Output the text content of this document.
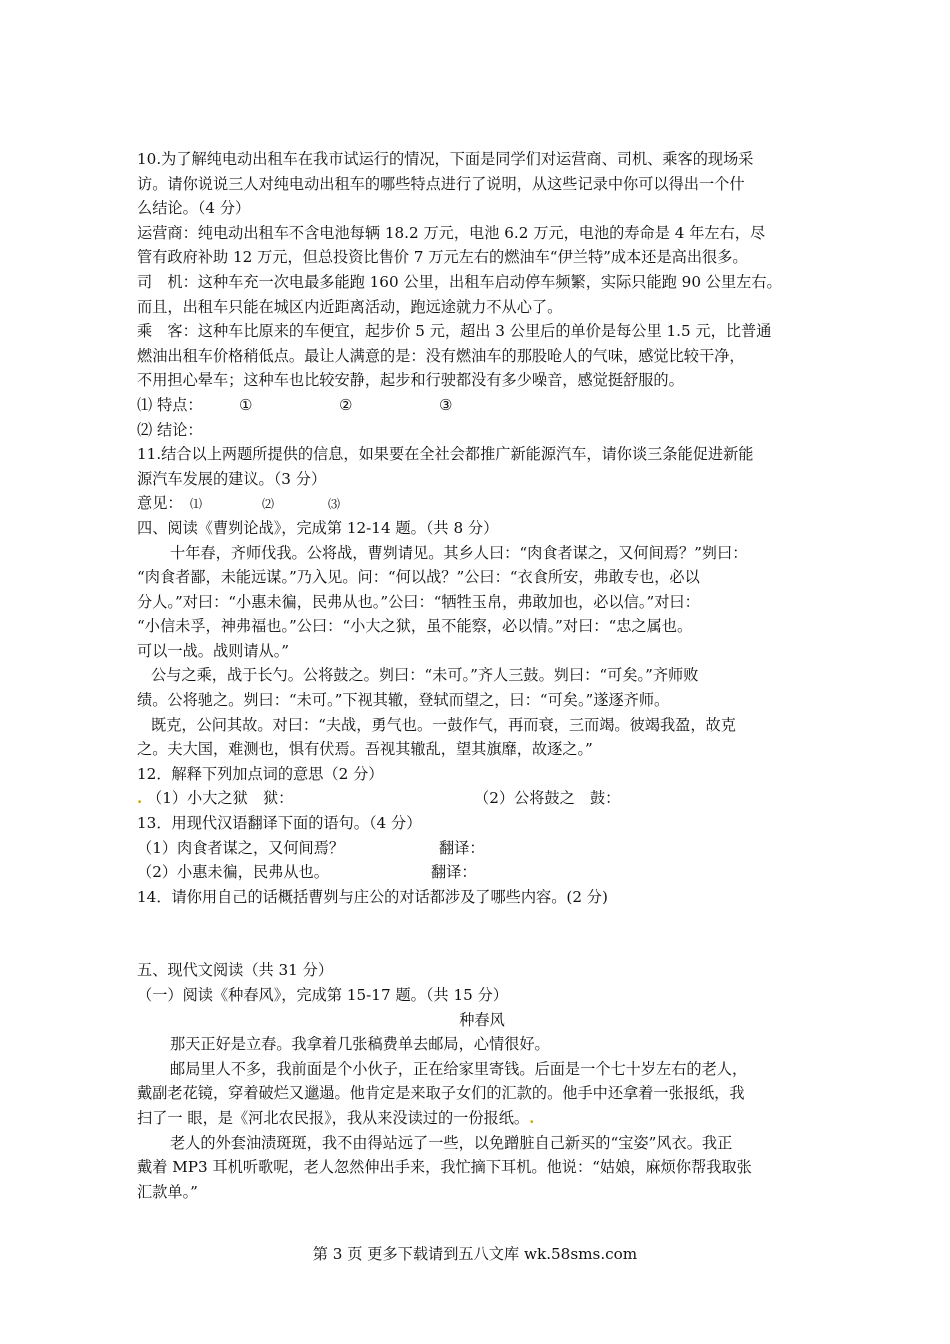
10.为了解纯电动出租车在我市试运行的情况，下面是同学们对运营商、司机、乘客的现场采
访。请你说说三人对纯电动出租车的哪些特点进行了说明，从这些记录中你可以得出一个什
么结论。（4 分）
运营商：纯电动出租车不含电池每辆 18.2 万元，电池 6.2 万元，电池的寿命是 4 年左右，尽
管有政府补助 12 万元，但总投资比售价 7 万元左右的燃油车“伊兰特”成本还是高出很多。
司　机：这种车充一次电最多能跑 160 公里，出租车启动停车频繁，实际只能跑 90 公里左右。
而且，出租车只能在城区内近距离活动，跑远途就力不从心了。
乘　客：这种车比原来的车便宜，起步价 5 元，超出 3 公里后的单价是每公里 1.5 元，比普通
燃油出租车价格稍低点。最让人满意的是：没有燃油车的那股呛人的气味，感觉比较干净，
不用担心晕车；这种车也比较安静，起步和行驶都没有多少噪音，感觉挺舒服的。
⑴ 特点： ①	②	③
⑵ 结论：
11.结合以上两题所提供的信息，如果要在全社会都推广新能源汽车，请你谈三条能促进新能
源汽车发展的建议。（3 分）
意见： ⑴	⑵	⑶
四、阅读《曹刿论战》，完成第 12-14 题。（共 8 分）
十年春，齐师伐我。公将战，曹刿请见。其乡人曰：“肉食者谋之，又何间焉？”刿曰：
“肉食者鄙，未能远谋。”乃入见。问：“何以战？”公曰：“衣食所安，弗敢专也，必以
分人。”对曰：“小惠未徧，民弗从也。”公曰：“牺牲玉帛，弗敢加也，必以信。”对曰：
“小信未孚，神弗福也。”公曰：“小大之狱，虽不能察，必以情。”对曰：“忠之属也。
可以一战。战则请从。”
公与之乘，战于长勺。公将鼓之。刿曰：“未可。”齐人三鼓。刿曰：“可矣。”齐师败
绩。公将驰之。刿曰：“未可。”下视其辙，登轼而望之，曰：“可矣。”遂逐齐师。
既克，公问其故。对曰：“夫战，勇气也。一鼓作气，再而衰，三而竭。彼竭我盈，故克
之。夫大国，难测也，惧有伏焉。吾视其辙乱，望其旗靡，故逐之。”
12．解释下列加点词的意思（2 分）
. （1）小大之狱　狱：	（2）公将鼓之　鼓：
13．用现代汉语翻译下面的语句。（4 分）
（1）肉食者谋之，又何间焉？	翻译：
（2）小惠未徧，民弗从也。	翻译：
14．请你用自己的话概括曹刿与庄公的对话都涉及了哪些内容。(2 分)
五、现代文阅读（共 31 分）
（一）阅读《种春风》，完成第 15-17 题。（共 15 分）
种春风
那天正好是立春。我拿着几张稿费单去邮局，心情很好。
邮局里人不多，我前面是个小伙子，正在给家里寄钱。后面是一个七十岁左右的老人，
戴副老花镜，穿着破烂又邋遢。他肯定是来取子女们的汇款的。他手中还拿着一张报纸，我
扫了一 眼，是《河北农民报》，我从来没读过的一份报纸。.
老人的外套油渍斑斑，我不由得站远了一些，以免蹭脏自己新买的“宝姿”风衣。我正
戴着 MP3 耳机听歌呢，老人忽然伸出手来，我忙摘下耳机。他说：“姑娘，麻烦你帮我取张
汇款单。”
第 3 页 更多下载请到五八文库 wk.58sms.com
